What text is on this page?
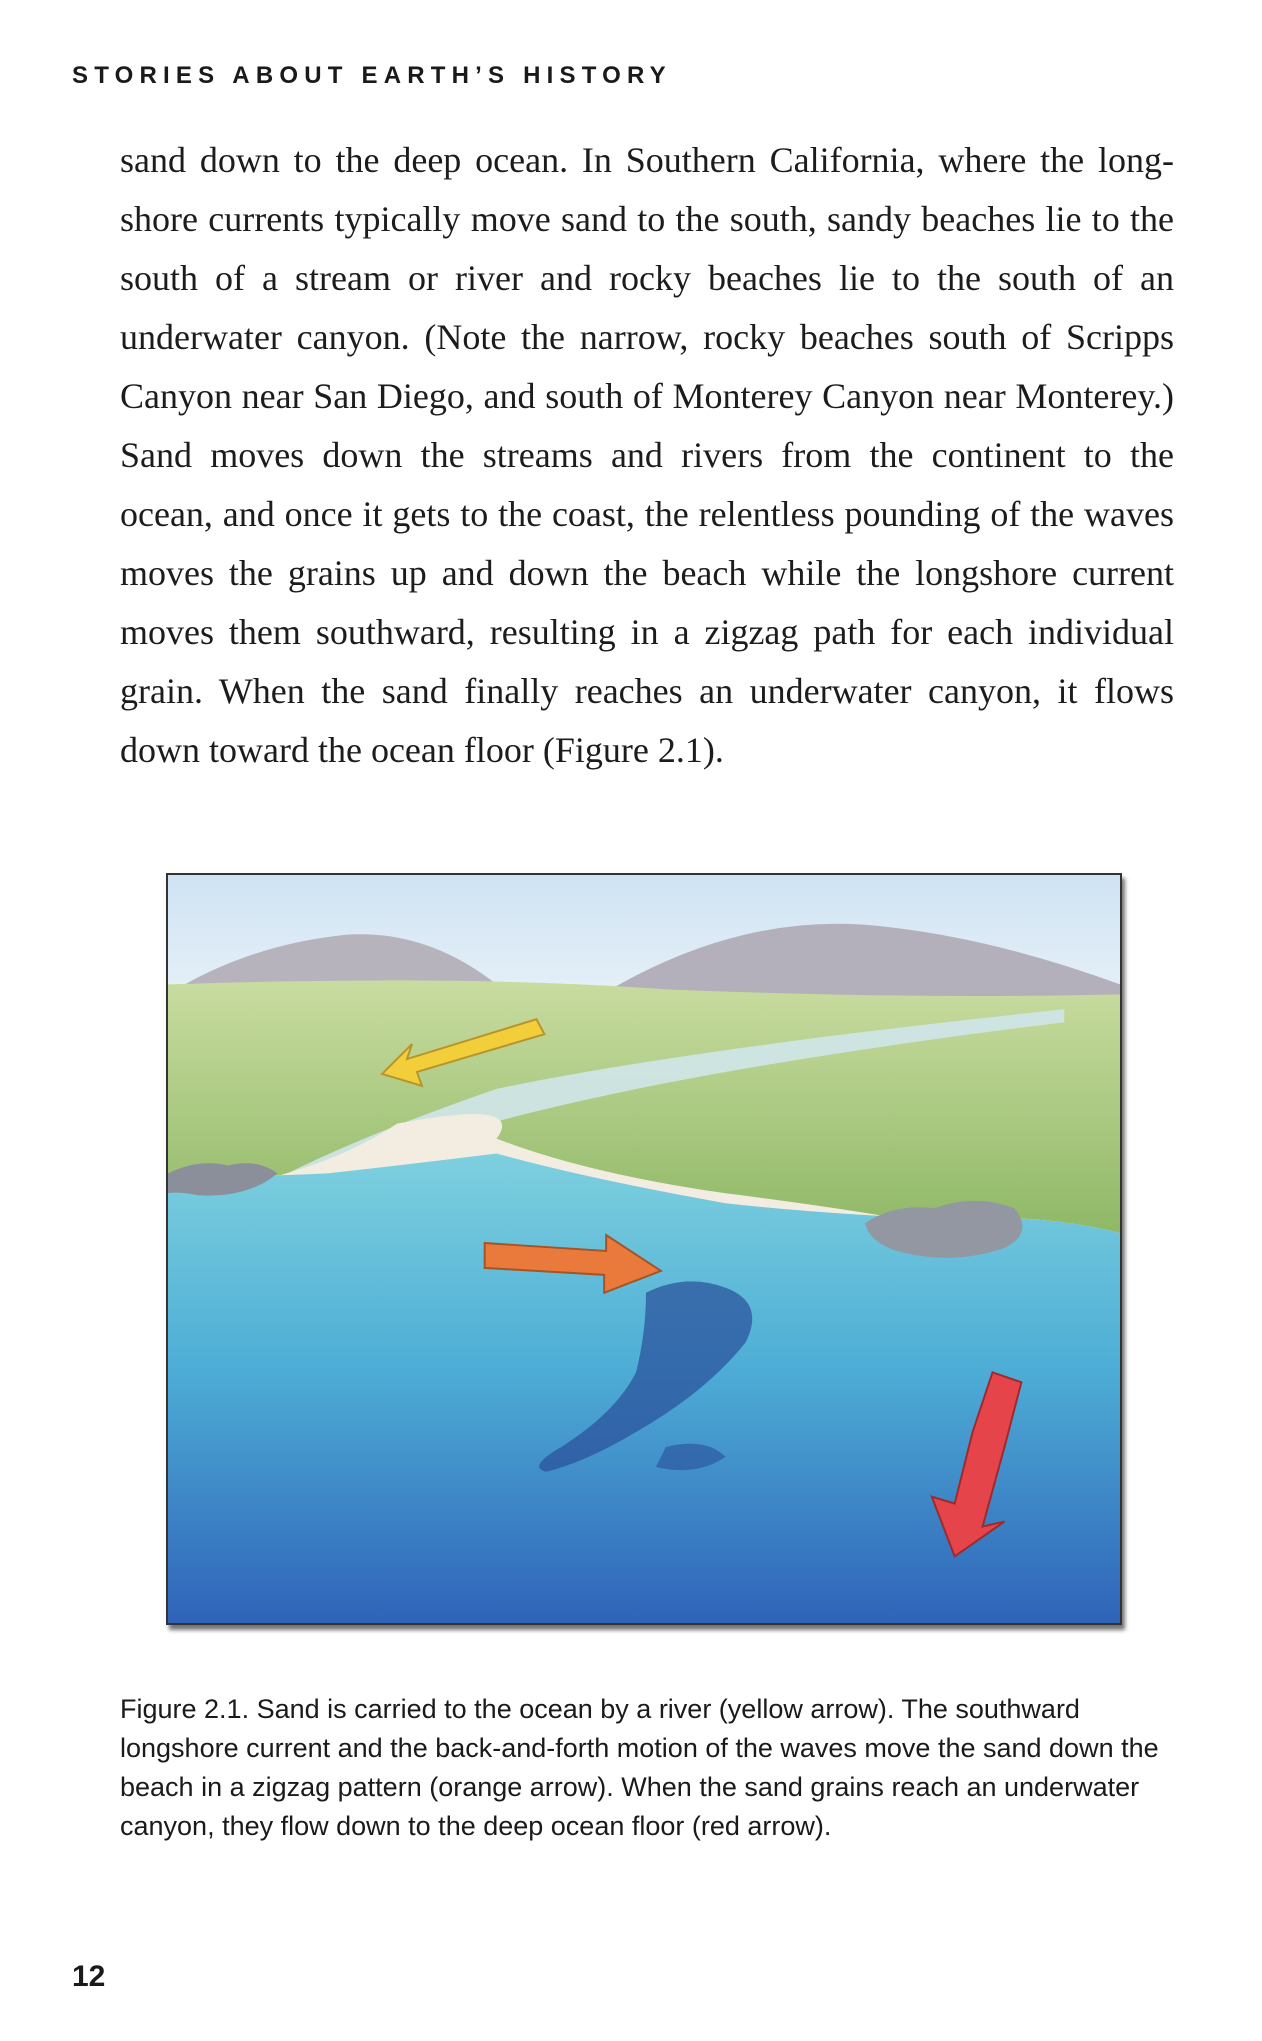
STORIES ABOUT EARTH’S HISTORY

sand down to the deep ocean. In Southern California, where the longshore currents typically move sand to the south, sandy beaches lie to the south of a stream or river and rocky beaches lie to the south of an underwater canyon. (Note the narrow, rocky beaches south of Scripps Canyon near San Diego, and south of Monterey Canyon near Monterey.) Sand moves down the streams and rivers from the continent to the ocean, and once it gets to the coast, the relentless pounding of the waves moves the grains up and down the beach while the longshore current moves them southward, resulting in a zigzag path for each individual grain. When the sand finally reaches an underwater canyon, it flows down toward the ocean floor (Figure 2.1).

Figure 2.1. Sand is carried to the ocean by a river (yellow arrow). The southward longshore current and the back-and-forth motion of the waves move the sand down the beach in a zigzag pattern (orange arrow). When the sand grains reach an underwater canyon, they flow down to the deep ocean floor (red arrow).

12
